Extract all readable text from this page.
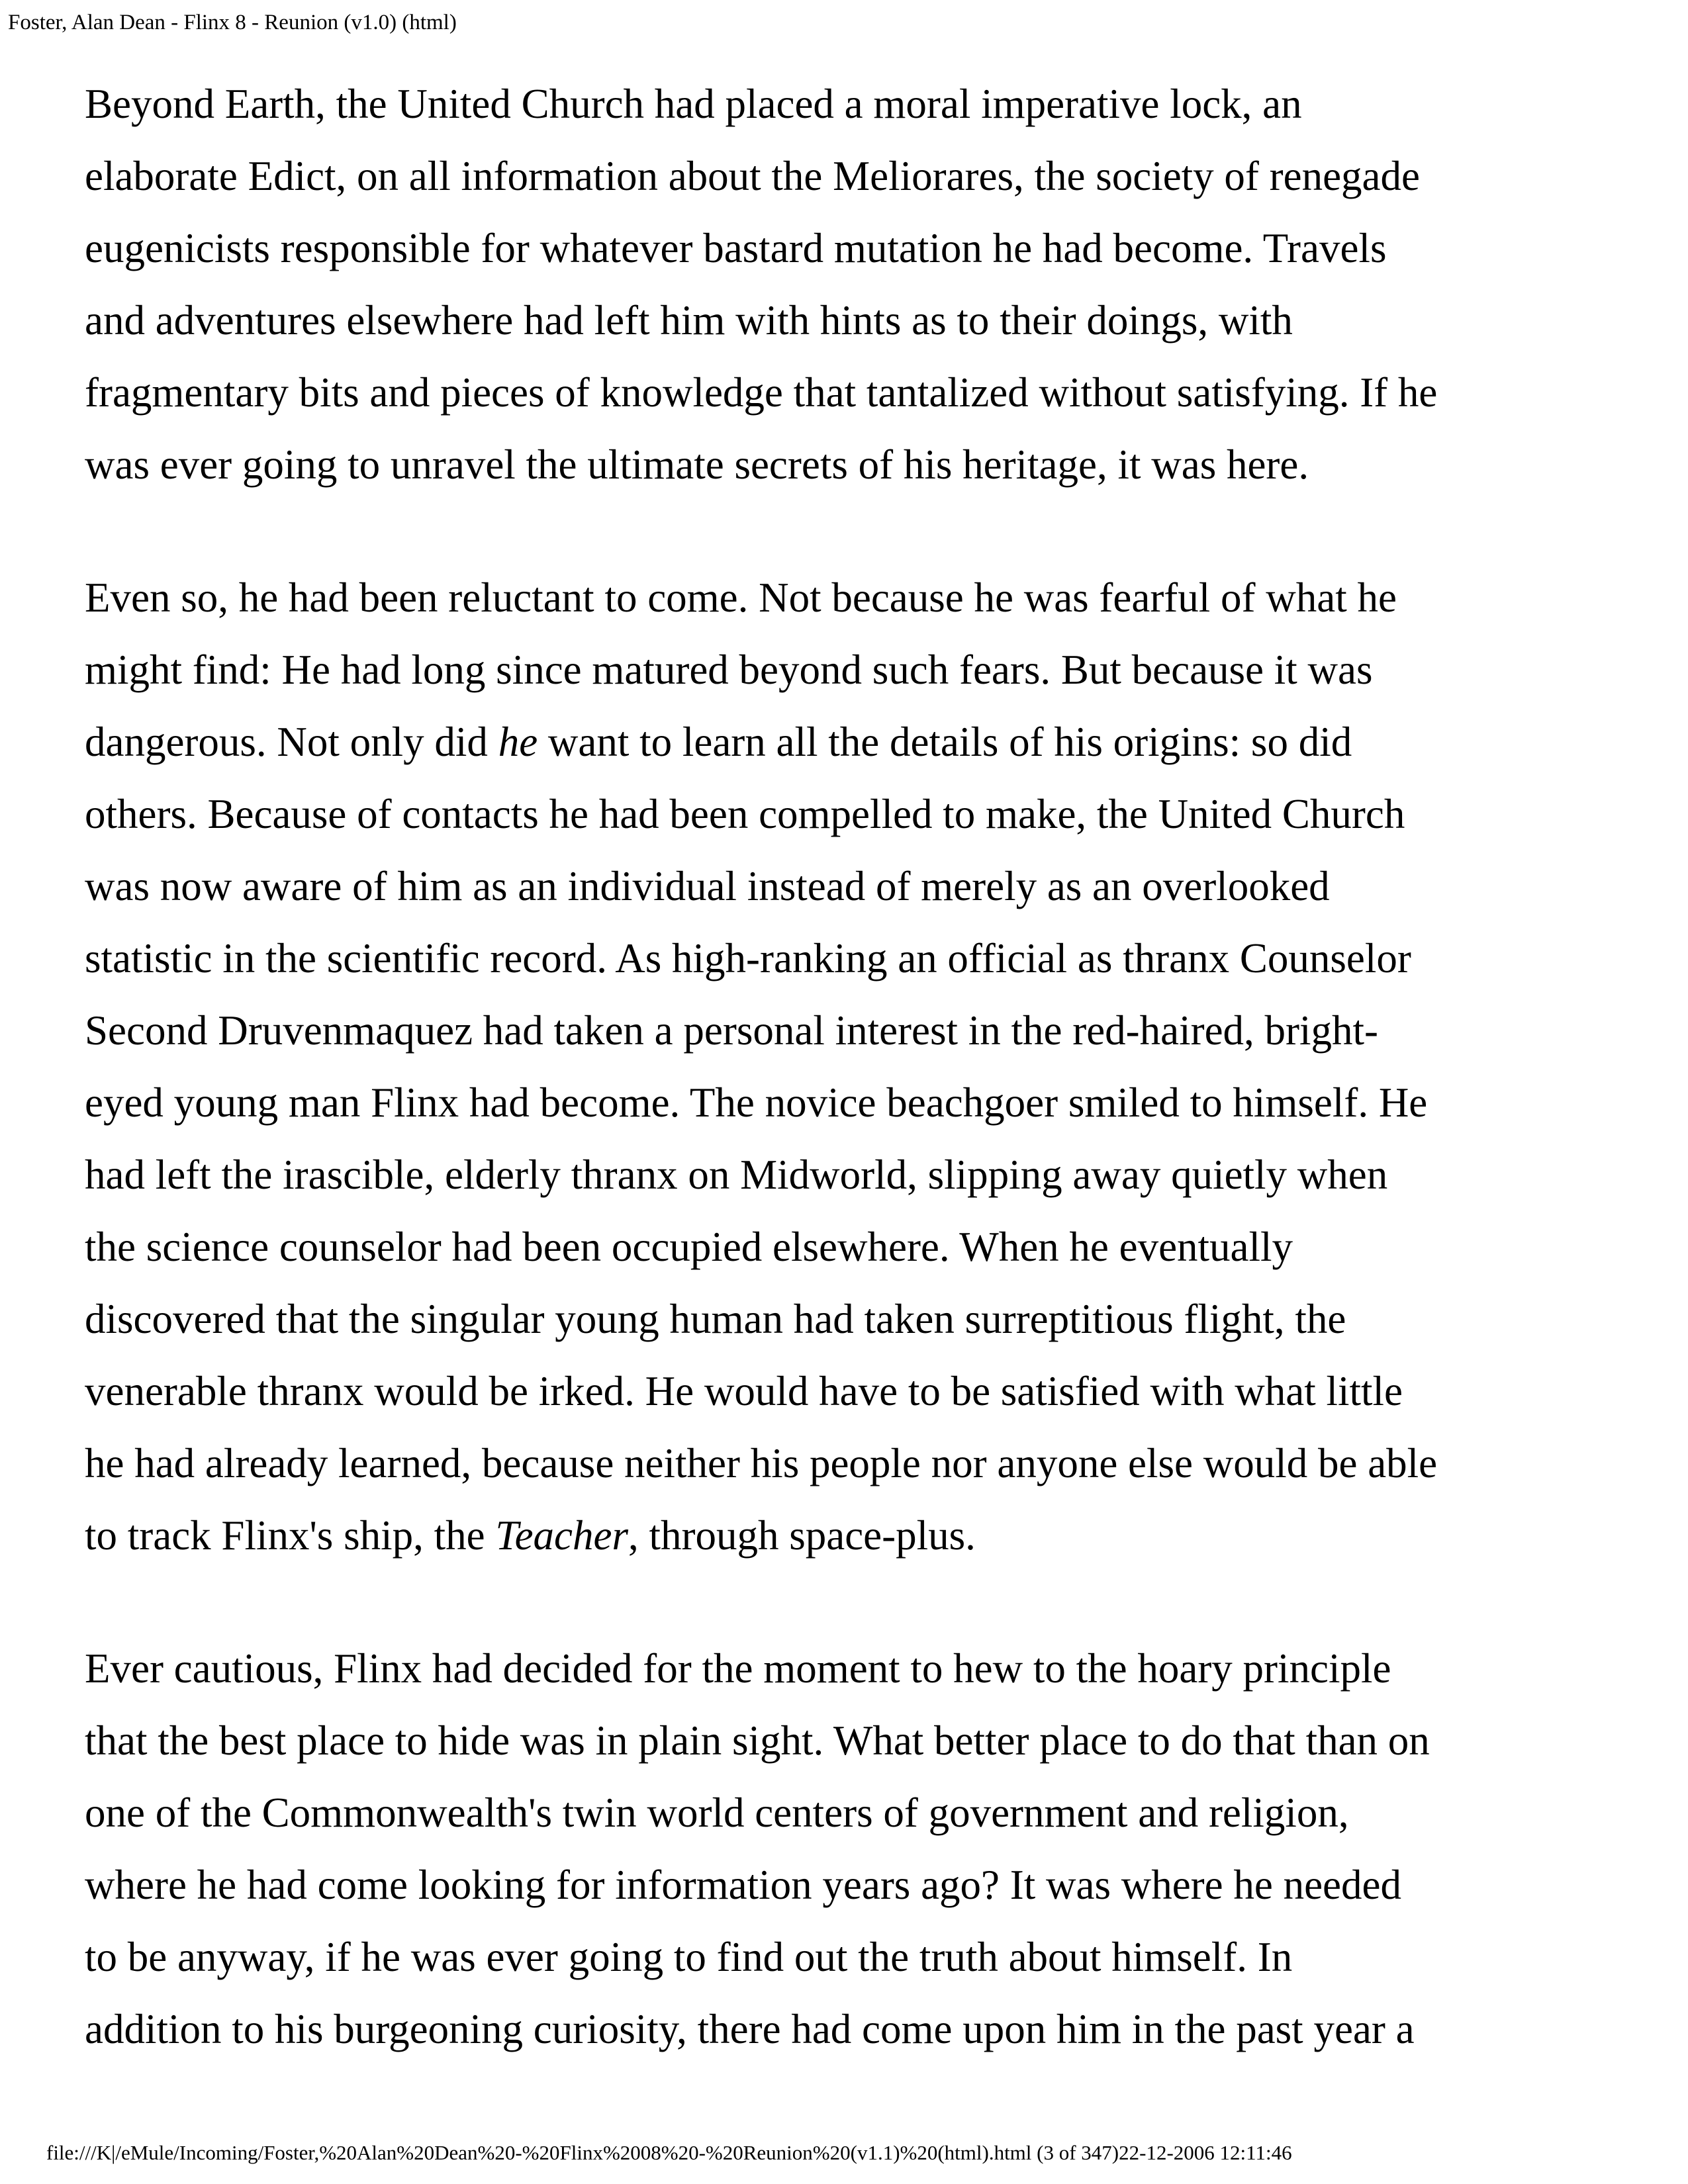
Foster, Alan Dean - Flinx 8 - Reunion (v1.0) (html)
Beyond Earth, the United Church had placed a moral imperative lock, an
elaborate Edict, on all information about the Meliorares, the society of renegade
eugenicists responsible for whatever bastard mutation he had become. Travels
and adventures elsewhere had left him with hints as to their doings, with
fragmentary bits and pieces of knowledge that tantalized without satisfying. If he
was ever going to unravel the ultimate secrets of his heritage, it was here.
Even so, he had been reluctant to come. Not because he was fearful of what he
might find: He had long since matured beyond such fears. But because it was
dangerous. Not only did he want to learn all the details of his origins: so did
others. Because of contacts he had been compelled to make, the United Church
was now aware of him as an individual instead of merely as an overlooked
statistic in the scientific record. As high-ranking an official as thranx Counselor
Second Druvenmaquez had taken a personal interest in the red-haired, bright-
eyed young man Flinx had become. The novice beachgoer smiled to himself. He
had left the irascible, elderly thranx on Midworld, slipping away quietly when
the science counselor had been occupied elsewhere. When he eventually
discovered that the singular young human had taken surreptitious flight, the
venerable thranx would be irked. He would have to be satisfied with what little
he had already learned, because neither his people nor anyone else would be able
to track Flinx's ship, the Teacher, through space-plus.
Ever cautious, Flinx had decided for the moment to hew to the hoary principle
that the best place to hide was in plain sight. What better place to do that than on
one of the Commonwealth's twin world centers of government and religion,
where he had come looking for information years ago? It was where he needed
to be anyway, if he was ever going to find out the truth about himself. In
addition to his burgeoning curiosity, there had come upon him in the past year a
file:///K|/eMule/Incoming/Foster,%20Alan%20Dean%20-%20Flinx%2008%20-%20Reunion%20(v1.1)%20(html).html (3 of 347)22-12-2006 12:11:46
